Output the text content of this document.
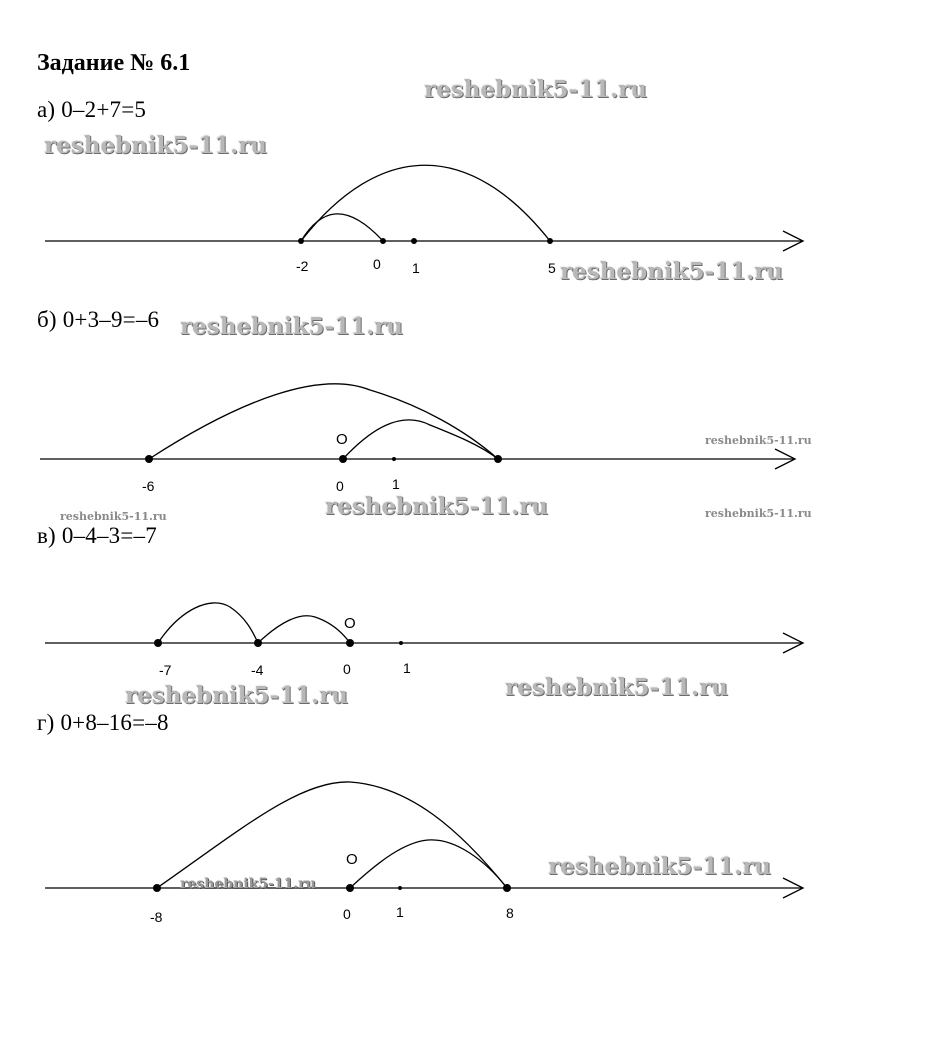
Задание № 6.1
а) 0–2+7=5
б) 0+3–9=–6
в) 0–4–3=–7
г) 0+8–16=–8
-2	0 1	5
O
-6	0	1
O
-7	-4	0	1
O
-8	0	1	8
reshebnik5-11.ru
reshebnik5-11.ru
reshebnik5-11.ru
reshebnik5-11.ru
reshebnik5-11.ru
reshebnik5-11.ru
reshebnik5-11.ru	reshebnik5-11.ru
reshebnik5-11.ru	reshebnik5-11.ru
reshebnik5-11.ru
reshebnik5-11.ru
